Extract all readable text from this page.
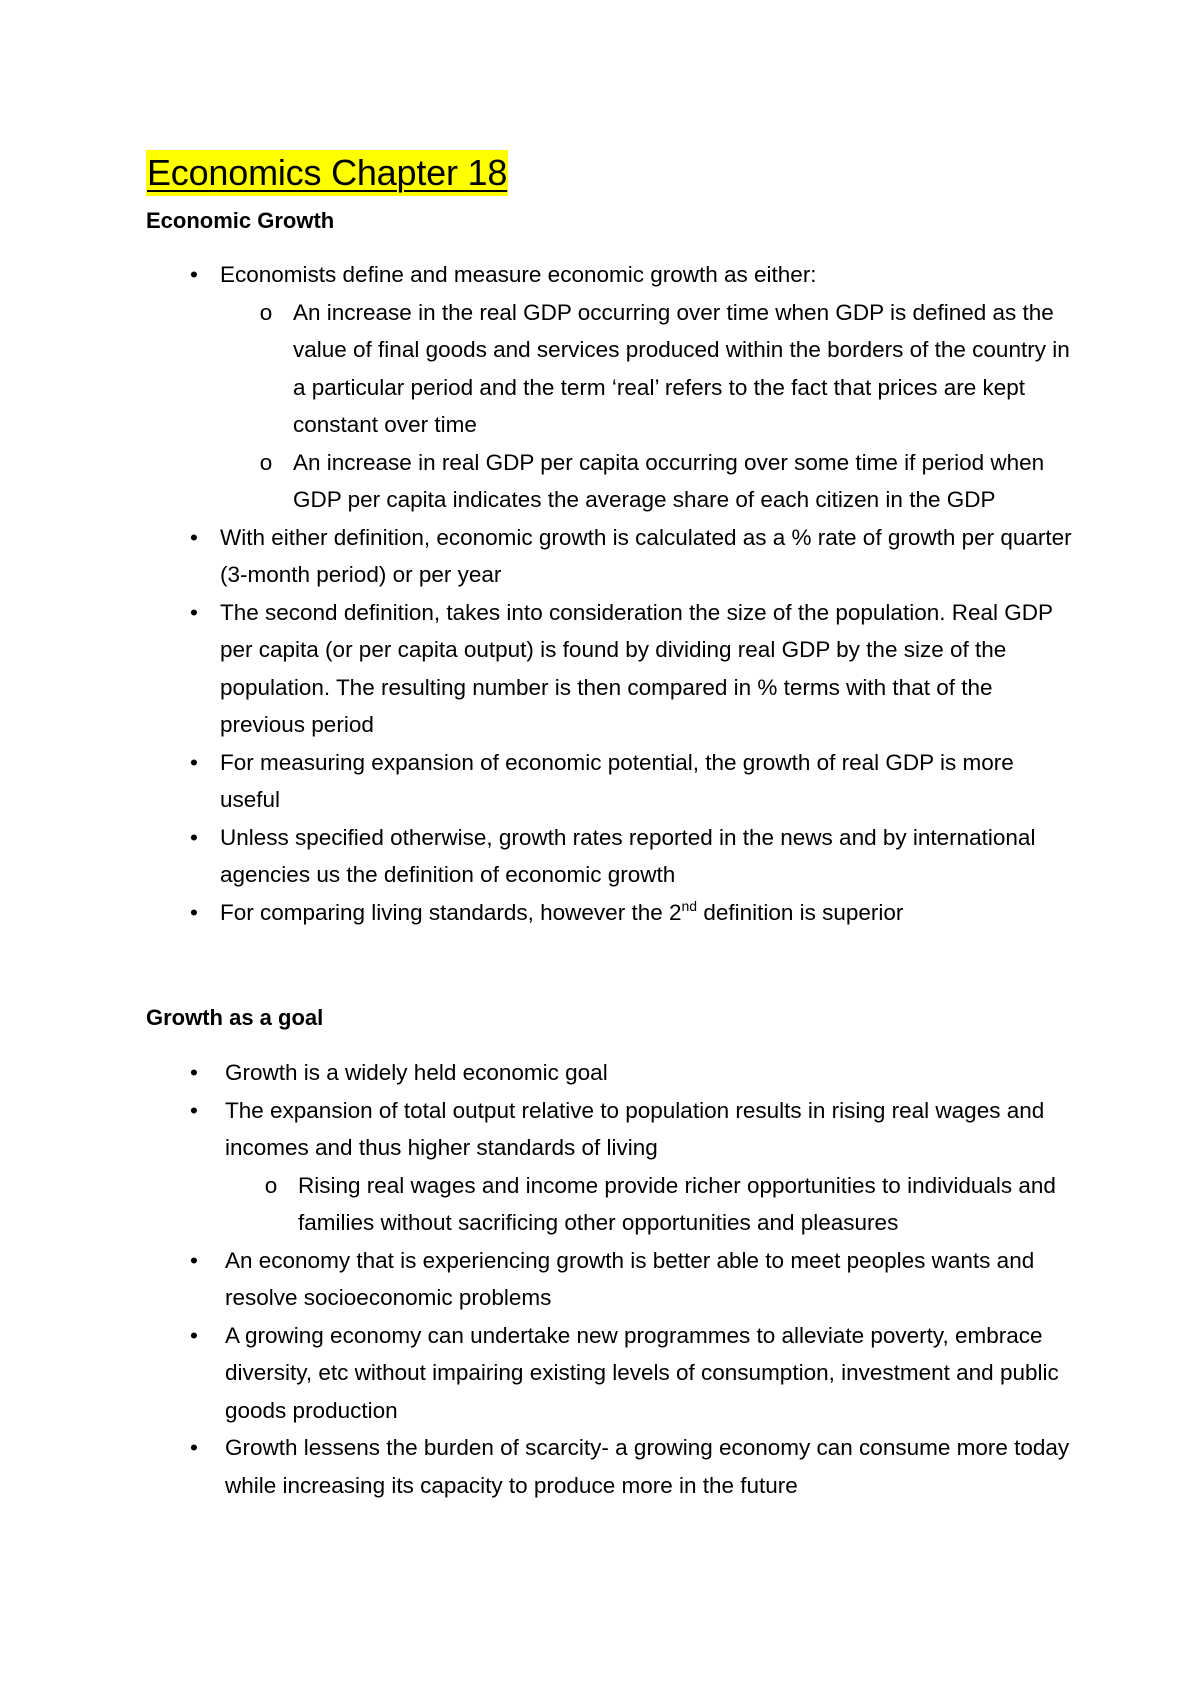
Economics Chapter 18
Economic Growth
• Economists define and measure economic growth as either:
o An increase in the real GDP occurring over time when GDP is defined as the value of final goods and services produced within the borders of the country in a particular period and the term ‘real’ refers to the fact that prices are kept constant over time
o An increase in real GDP per capita occurring over some time if period when GDP per capita indicates the average share of each citizen in the GDP
• With either definition, economic growth is calculated as a % rate of growth per quarter (3-month period) or per year
• The second definition, takes into consideration the size of the population. Real GDP per capita (or per capita output) is found by dividing real GDP by the size of the population. The resulting number is then compared in % terms with that of the previous period
• For measuring expansion of economic potential, the growth of real GDP is more useful
• Unless specified otherwise, growth rates reported in the news and by international agencies us the definition of economic growth
• For comparing living standards, however the 2nd definition is superior
Growth as a goal
• Growth is a widely held economic goal
• The expansion of total output relative to population results in rising real wages and incomes and thus higher standards of living
o Rising real wages and income provide richer opportunities to individuals and families without sacrificing other opportunities and pleasures
• An economy that is experiencing growth is better able to meet peoples wants and resolve socioeconomic problems
• A growing economy can undertake new programmes to alleviate poverty, embrace diversity, etc without impairing existing levels of consumption, investment and public goods production
• Growth lessens the burden of scarcity- a growing economy can consume more today while increasing its capacity to produce more in the future
